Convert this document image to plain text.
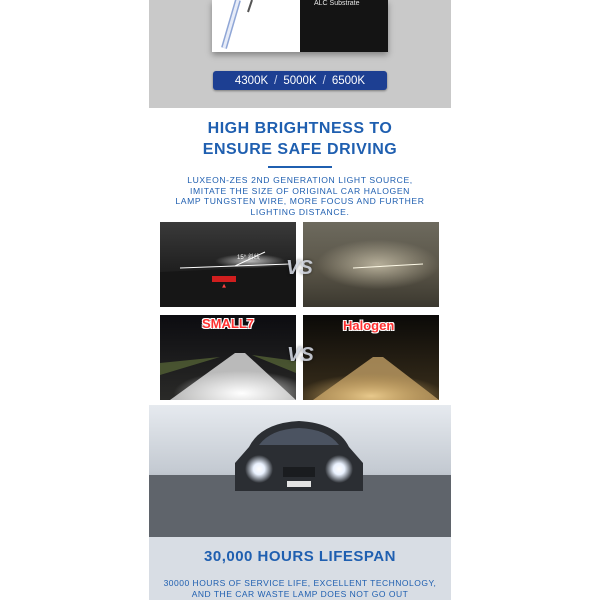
ALC Substrate
4300K / 5000K / 6500K
HIGH BRIGHTNESS TO
ENSURE SAFE DRIVING
LUXEON-ZES 2ND GENERATION LIGHT SOURCE,
IMITATE THE SIZE OF ORIGINAL CAR HALOGEN
LAMP TUNGSTEN WIRE, MORE FOCUS AND FURTHER
LIGHTING DISTANCE.
▲
15° 斜线 VS
SMALL7	Halogen
VS
30,000 HOURS LIFESPAN
30000 HOURS OF SERVICE LIFE, EXCELLENT TECHNOLOGY,
AND THE CAR WASTE LAMP DOES NOT GO OUT
